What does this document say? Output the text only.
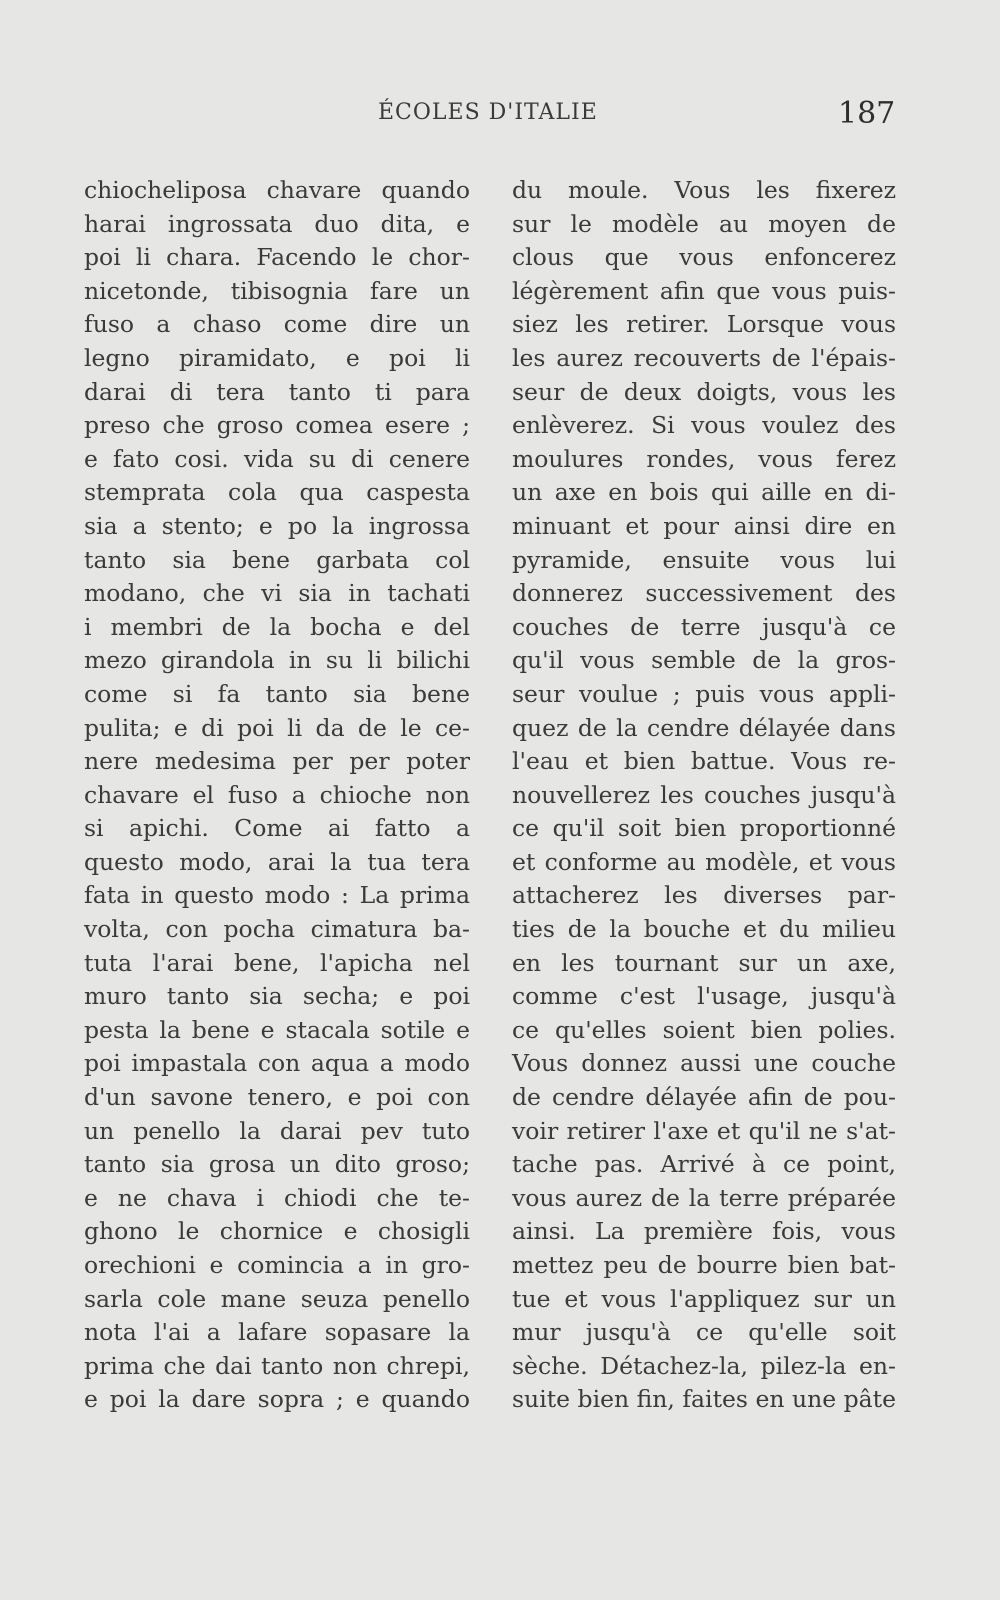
ÉCOLES D'ITALIE	187
chiocheliposa chavare quando
harai ingrossata duo dita, e
poi li chara. Facendo le chor-
nicetonde, tibisognia fare un
fuso a chaso come dire un
legno piramidato, e poi li
darai di tera tanto ti para
preso che groso comea esere ;
e fato cosi. vida su di cenere
stemprata cola qua caspesta
sia a stento; e po la ingrossa
tanto sia bene garbata col
modano, che vi sia in tachati
i membri de la bocha e del
mezo girandola in su li bilichi
come si fa tanto sia bene
pulita; e di poi li da de le ce-
nere medesima per per poter
chavare el fuso a chioche non
si apichi. Come ai fatto a
questo modo, arai la tua tera
fata in questo modo : La prima
volta, con pocha cimatura ba-
tuta l'arai bene, l'apicha nel
muro tanto sia secha; e poi
pesta la bene e stacala sotile e
poi impastala con aqua a modo
d'un savone tenero, e poi con
un penello la darai pev tuto
tanto sia grosa un dito groso;
e ne chava i chiodi che te-
ghono le chornice e chosigli
orechioni e comincia a in gro-
sarla cole mane seuza penello
nota l'ai a lafare sopasare la
prima che dai tanto non chrepi,
e poi la dare sopra ; e quando
du moule. Vous les fixerez
sur le modèle au moyen de
clous que vous enfoncerez
légèrement afin que vous puis-
siez les retirer. Lorsque vous
les aurez recouverts de l'épais-
seur de deux doigts, vous les
enlèverez. Si vous voulez des
moulures rondes, vous ferez
un axe en bois qui aille en di-
minuant et pour ainsi dire en
pyramide, ensuite vous lui
donnerez successivement des
couches de terre jusqu'à ce
qu'il vous semble de la gros-
seur voulue ; puis vous appli-
quez de la cendre délayée dans
l'eau et bien battue. Vous re-
nouvellerez les couches jusqu'à
ce qu'il soit bien proportionné
et conforme au modèle, et vous
attacherez les diverses par-
ties de la bouche et du milieu
en les tournant sur un axe,
comme c'est l'usage, jusqu'à
ce qu'elles soient bien polies.
Vous donnez aussi une couche
de cendre délayée afin de pou-
voir retirer l'axe et qu'il ne s'at-
tache pas. Arrivé à ce point,
vous aurez de la terre préparée
ainsi. La première fois, vous
mettez peu de bourre bien bat-
tue et vous l'appliquez sur un
mur jusqu'à ce qu'elle soit
sèche. Détachez-la, pilez-la en-
suite bien fin, faites en une pâte
